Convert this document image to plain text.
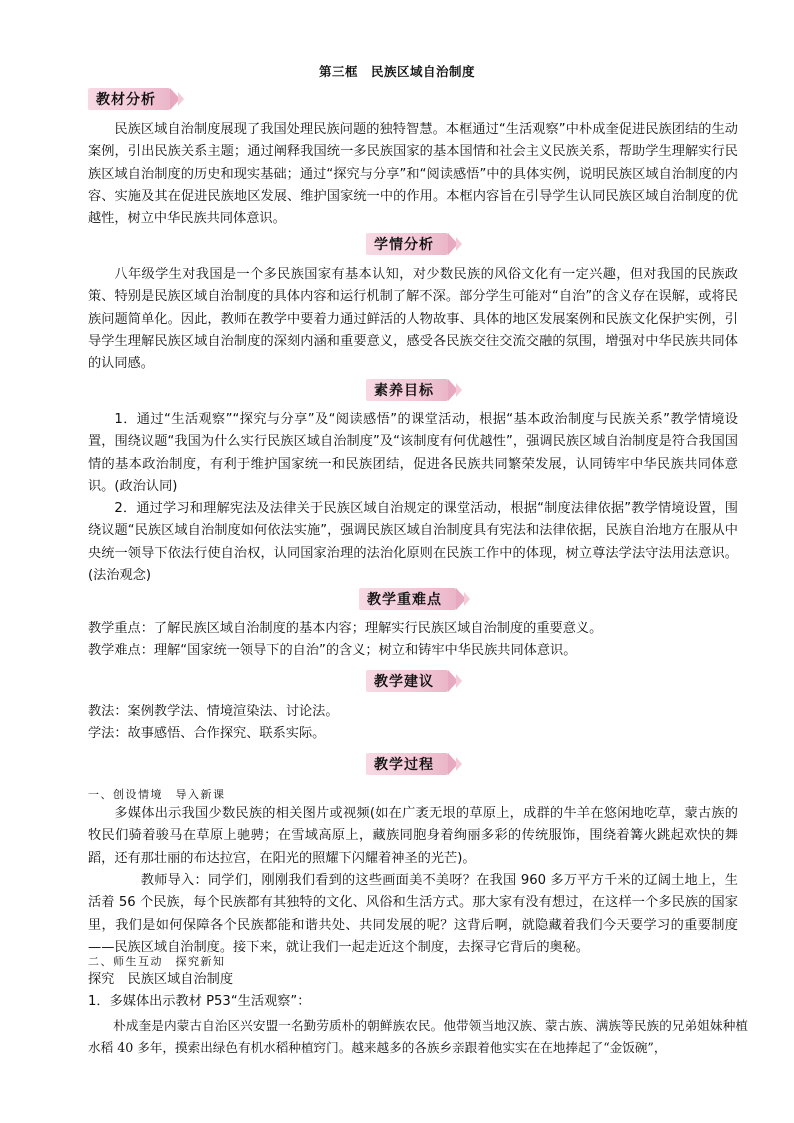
第三框　民族区域自治制度
教材分析

民族区域自治制度展现了我国处理民族问题的独特智慧。本框通过“生活观察”中朴成奎促进民族团结的生动案例，引出民族关系主题；通过阐释我国统一多民族国家的基本国情和社会主义民族关系，帮助学生理解实行民族区域自治制度的历史和现实基础；通过“探究与分享”和“阅读感悟”中的具体实例，说明民族区域自治制度的内容、实施及其在促进民族地区发展、维护国家统一中的作用。本框内容旨在引导学生认同民族区域自治制度的优越性，树立中华民族共同体意识。

学情分析

八年级学生对我国是一个多民族国家有基本认知，对少数民族的风俗文化有一定兴趣，但对我国的民族政策、特别是民族区域自治制度的具体内容和运行机制了解不深。部分学生可能对“自治”的含义存在误解，或将民族问题简单化。因此，教师在教学中要着力通过鲜活的人物故事、具体的地区发展案例和民族文化保护实例，引导学生理解民族区域自治制度的深刻内涵和重要意义，感受各民族交往交流交融的氛围，增强对中华民族共同体的认同感。

素养目标

1．通过“生活观察”“探究与分享”及“阅读感悟”的课堂活动，根据“基本政治制度与民族关系”教学情境设置，围绕议题“我国为什么实行民族区域自治制度”及“该制度有何优越性”，强调民族区域自治制度是符合我国国情的基本政治制度，有利于维护国家统一和民族团结，促进各民族共同繁荣发展，认同铸牢中华民族共同体意识。(政治认同)

2．通过学习和理解宪法及法律关于民族区域自治规定的课堂活动，根据“制度法律依据”教学情境设置，围绕议题“民族区域自治制度如何依法实施”，强调民族区域自治制度具有宪法和法律依据，民族自治地方在服从中央统一领导下依法行使自治权，认同国家治理的法治化原则在民族工作中的体现，树立尊法学法守法用法意识。(法治观念)

教学重难点

教学重点：了解民族区域自治制度的基本内容；理解实行民族区域自治制度的重要意义。

教学难点：理解“国家统一领导下的自治”的含义；树立和铸牢中华民族共同体意识。

教学建议

教法：案例教学法、情境渲染法、讨论法。

学法：故事感悟、合作探究、联系实际。

教学过程
一、创设情境　导入新课

多媒体出示我国少数民族的相关图片或视频(如在广袤无垠的草原上，成群的牛羊在悠闲地吃草，蒙古族的牧民们骑着骏马在草原上驰骋；在雪域高原上，藏族同胞身着绚丽多彩的传统服饰，围绕着篝火跳起欢快的舞蹈，还有那壮丽的布达拉宫，在阳光的照耀下闪耀着神圣的光芒)。

教师导入：同学们，刚刚我们看到的这些画面美不美呀？在我国 960 多万平方千米的辽阔土地上，生活着 56 个民族，每个民族都有其独特的文化、风俗和生活方式。那大家有没有想过，在这样一个多民族的国家里，我们是如何保障各个民族都能和谐共处、共同发展的呢？这背后啊，就隐藏着我们今天要学习的重要制度——民族区域自治制度。接下来，就让我们一起走近这个制度，去探寻它背后的奥秘。

二、师生互动　探究新知

探究　民族区域自治制度

1．多媒体出示教材 P53“生活观察”：

朴成奎是内蒙古自治区兴安盟一名勤劳质朴的朝鲜族农民。他带领当地汉族、蒙古族、满族等民族的兄弟姐妹种植水稻 40 多年，摸索出绿色有机水稻种植窍门。越来越多的各族乡亲跟着他实实在在地捧起了“金饭碗”，
